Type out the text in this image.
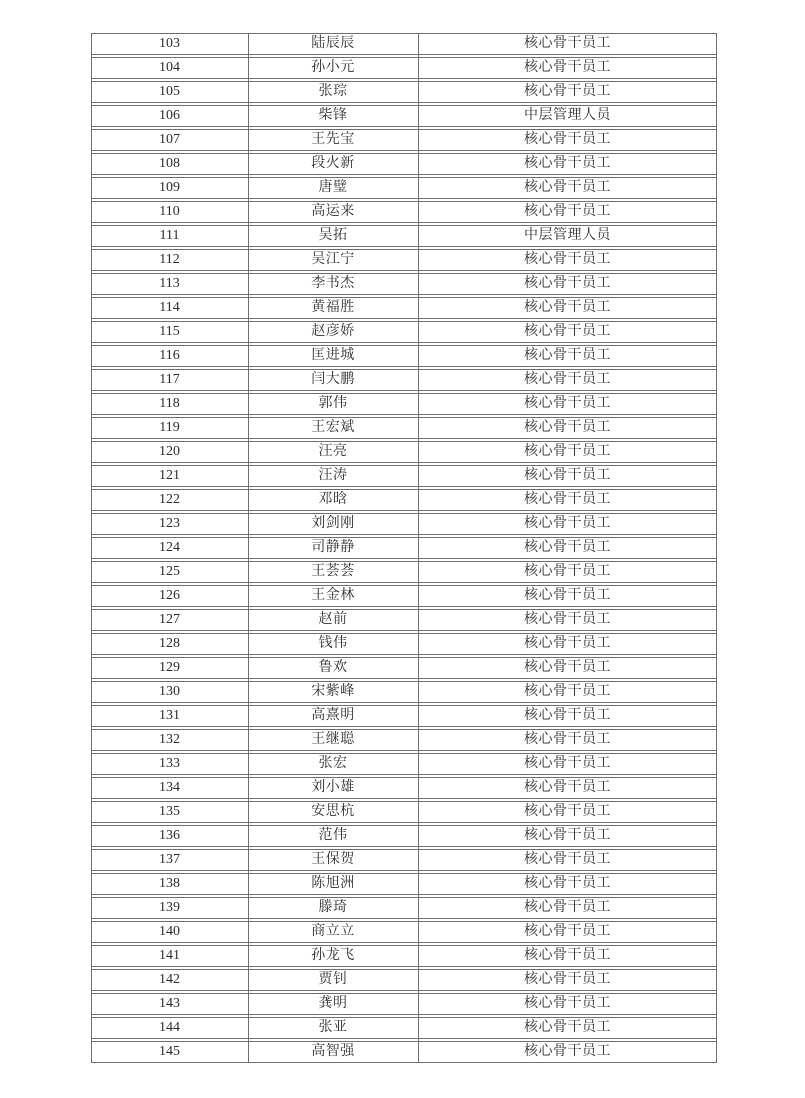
103	陆辰辰	核心骨干员工
104	孙小元	核心骨干员工
105	张琮	核心骨干员工
106	柴锋	中层管理人员
107	王先宝	核心骨干员工
108	段火新	核心骨干员工
109	唐璧	核心骨干员工
110	高运来	核心骨干员工
111	吴拓	中层管理人员
112	吴江宁	核心骨干员工
113	李书杰	核心骨干员工
114	黄福胜	核心骨干员工
115	赵彦娇	核心骨干员工
116	匡进城	核心骨干员工
117	闫大鹏	核心骨干员工
118	郭伟	核心骨干员工
119	王宏斌	核心骨干员工
120	汪亮	核心骨干员工
121	汪涛	核心骨干员工
122	邓晗	核心骨干员工
123	刘剑刚	核心骨干员工
124	司静静	核心骨干员工
125	王荟荟	核心骨干员工
126	王金林	核心骨干员工
127	赵前	核心骨干员工
128	钱伟	核心骨干员工
129	鲁欢	核心骨干员工
130	宋紫峰	核心骨干员工
131	高熹明	核心骨干员工
132	王继聪	核心骨干员工
133	张宏	核心骨干员工
134	刘小雄	核心骨干员工
135	安思杭	核心骨干员工
136	范伟	核心骨干员工
137	王保贺	核心骨干员工
138	陈旭洲	核心骨干员工
139	滕琦	核心骨干员工
140	商立立	核心骨干员工
141	孙龙飞	核心骨干员工
142	贾钊	核心骨干员工
143	龚明	核心骨干员工
144	张亚	核心骨干员工
145	高智强	核心骨干员工
